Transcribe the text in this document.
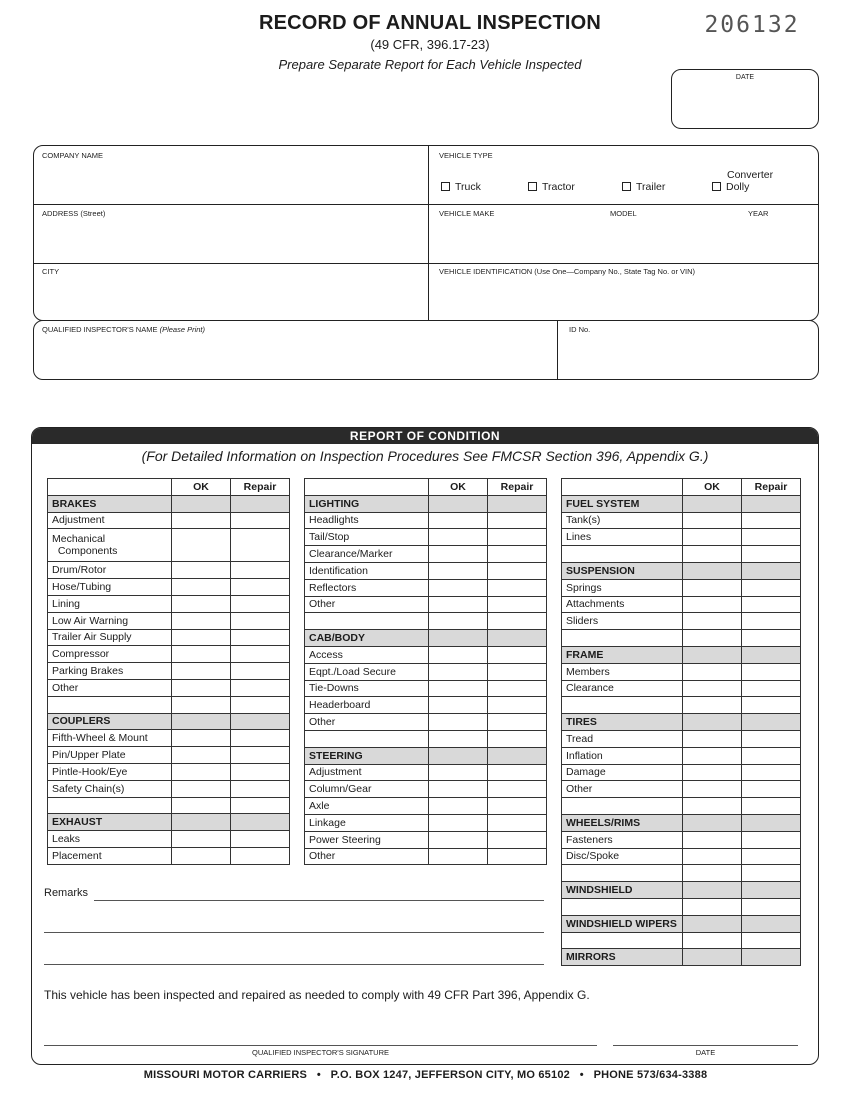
RECORD OF ANNUAL INSPECTION
(49 CFR, 396.17-23)
Prepare Separate Report for Each Vehicle Inspected
206132
DATE
COMPANY NAME
ADDRESS (Street)
CITY
VEHICLE TYPE
Converter
Truck	Tractor	Trailer	Dolly
VEHICLE MAKE	MODEL	YEAR
VEHICLE IDENTIFICATION (Use One—Company No., State Tag No. or VIN)
QUALIFIED INSPECTOR'S NAME (Please Print)	ID No.
REPORT OF CONDITION
(For Detailed Information on Inspection Procedures See FMCSR Section 396, Appendix G.)
	OK	Repair
BRAKES		
Adjustment		
Mechanical
Components		
Drum/Rotor		
Hose/Tubing		
Lining		
Low Air Warning		
Trailer Air Supply		
Compressor		
Parking Brakes		
Other		

COUPLERS		
Fifth-Wheel & Mount		
Pin/Upper Plate		
Pintle-Hook/Eye		
Safety Chain(s)		

EXHAUST		
Leaks		
Placement		
	OK	Repair
LIGHTING		
Headlights		
Tail/Stop		
Clearance/Marker		
Identification		
Reflectors		
Other		

CAB/BODY		
Access		
Eqpt./Load Secure		
Tie-Downs		
Headerboard		
Other		

STEERING		
Adjustment		
Column/Gear		
Axle		
Linkage		
Power Steering		
Other		
	OK	Repair
FUEL SYSTEM		
Tank(s)		
Lines		

SUSPENSION		
Springs		
Attachments		
Sliders		

FRAME		
Members		
Clearance		

TIRES		
Tread		
Inflation		
Damage		
Other		

WHEELS/RIMS		
Fasteners		
Disc/Spoke		

WINDSHIELD		

WINDSHIELD WIPERS		

MIRRORS		
Remarks
This vehicle has been inspected and repaired as needed to comply with 49 CFR Part 396, Appendix G.
QUALIFIED INSPECTOR'S SIGNATURE	DATE
MISSOURI MOTOR CARRIERS • P.O. BOX 1247, JEFFERSON CITY, MO 65102 • PHONE 573/634-3388
